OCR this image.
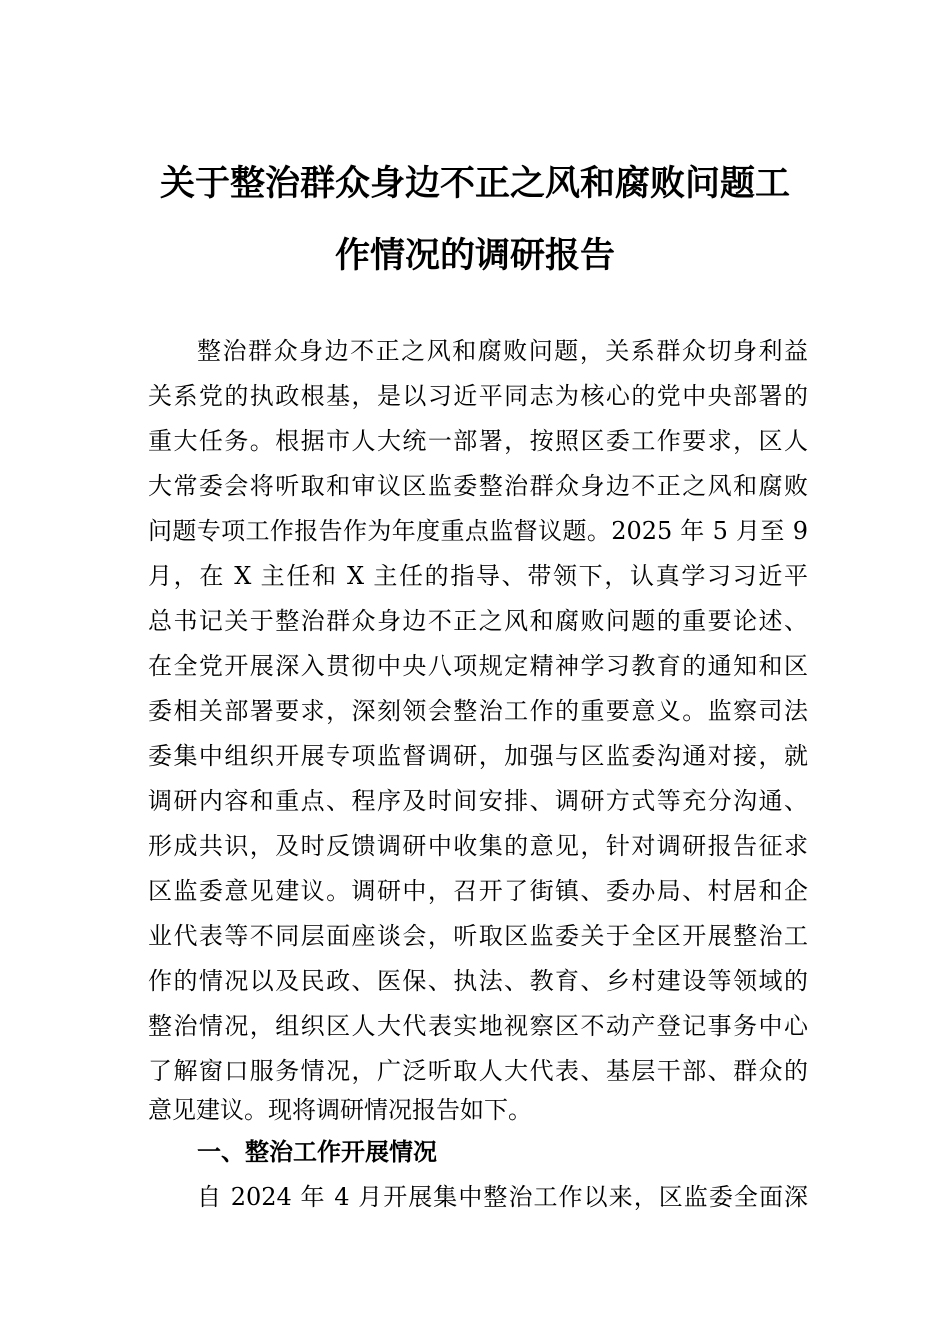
关于整治群众身边不正之风和腐败问题工
作情况的调研报告
整治群众身边不正之风和腐败问题，关系群众切身利益
关系党的执政根基，是以习近平同志为核心的党中央部署的
重大任务。根据市人大统一部署，按照区委工作要求，区人
大常委会将听取和审议区监委整治群众身边不正之风和腐败
问题专项工作报告作为年度重点监督议题。2025 年 5 月至 9
月，在 X 主任和 X 主任的指导、带领下，认真学习习近平
总书记关于整治群众身边不正之风和腐败问题的重要论述、
在全党开展深入贯彻中央八项规定精神学习教育的通知和区
委相关部署要求，深刻领会整治工作的重要意义。监察司法
委集中组织开展专项监督调研，加强与区监委沟通对接，就
调研内容和重点、程序及时间安排、调研方式等充分沟通、
形成共识，及时反馈调研中收集的意见，针对调研报告征求
区监委意见建议。调研中，召开了街镇、委办局、村居和企
业代表等不同层面座谈会，听取区监委关于全区开展整治工
作的情况以及民政、医保、执法、教育、乡村建设等领域的
整治情况，组织区人大代表实地视察区不动产登记事务中心
了解窗口服务情况，广泛听取人大代表、基层干部、群众的
意见建议。现将调研情况报告如下。
一、整治工作开展情况
自 2024 年 4 月开展集中整治工作以来，区监委全面深
